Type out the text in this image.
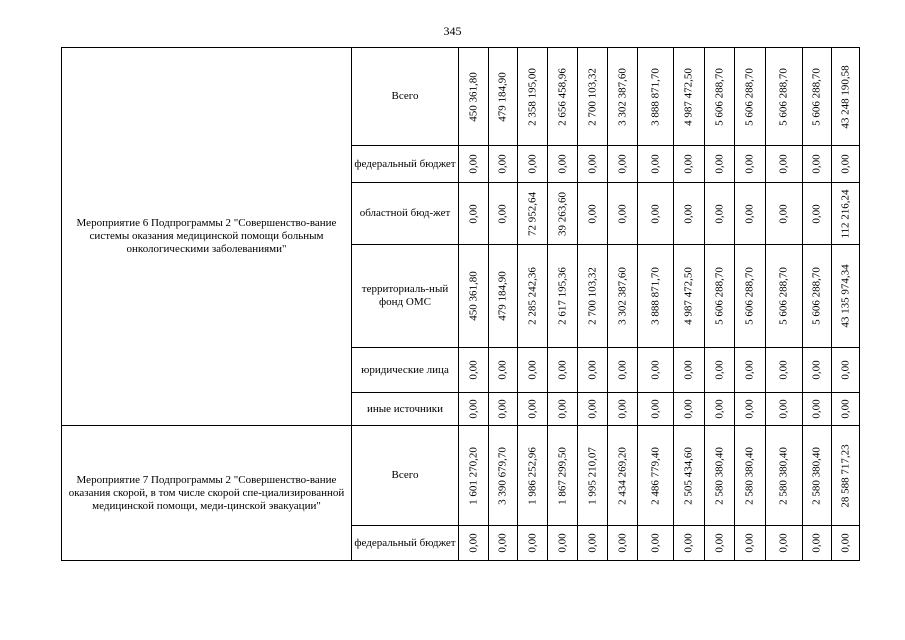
345
Мероприятие 6 Подпрограммы 2 "Совершенство-вание системы оказания медицинской помощи больным онкологическими заболеваниями"	Всего	450 361,80	479 184,90	2 358 195,00	2 656 458,96	2 700 103,32	3 302 387,60	3 888 871,70	4 987 472,50	5 606 288,70	5 606 288,70	5 606 288,70	5 606 288,70	43 248 190,58

	федеральный бюджет	0,00	0,00	0,00	0,00	0,00	0,00	0,00	0,00	0,00	0,00	0,00	0,00	0,00

	областной бюд-жет	0,00	0,00	72 952,64	39 263,60	0,00	0,00	0,00	0,00	0,00	0,00	0,00	0,00	112 216,24

	территориаль-ный фонд ОМС	450 361,80	479 184,90	2 285 242,36	2 617 195,36	2 700 103,32	3 302 387,60	3 888 871,70	4 987 472,50	5 606 288,70	5 606 288,70	5 606 288,70	5 606 288,70	43 135 974,34

	юридические лица	0,00	0,00	0,00	0,00	0,00	0,00	0,00	0,00	0,00	0,00	0,00	0,00	0,00

	иные источники	0,00	0,00	0,00	0,00	0,00	0,00	0,00	0,00	0,00	0,00	0,00	0,00	0,00

Мероприятие 7 Подпрограммы 2 "Совершенство-вание оказания скорой, в том числе скорой спе-циализированной медицинской помощи, меди-цинской эвакуации"	Всего	1 601 270,20	3 390 679,70	1 986 252,96	1 867 299,50	1 995 210,07	2 434 269,20	2 486 779,40	2 505 434,60	2 580 380,40	2 580 380,40	2 580 380,40	2 580 380,40	28 588 717,23

	федеральный бюджет	0,00	0,00	0,00	0,00	0,00	0,00	0,00	0,00	0,00	0,00	0,00	0,00	0,00
